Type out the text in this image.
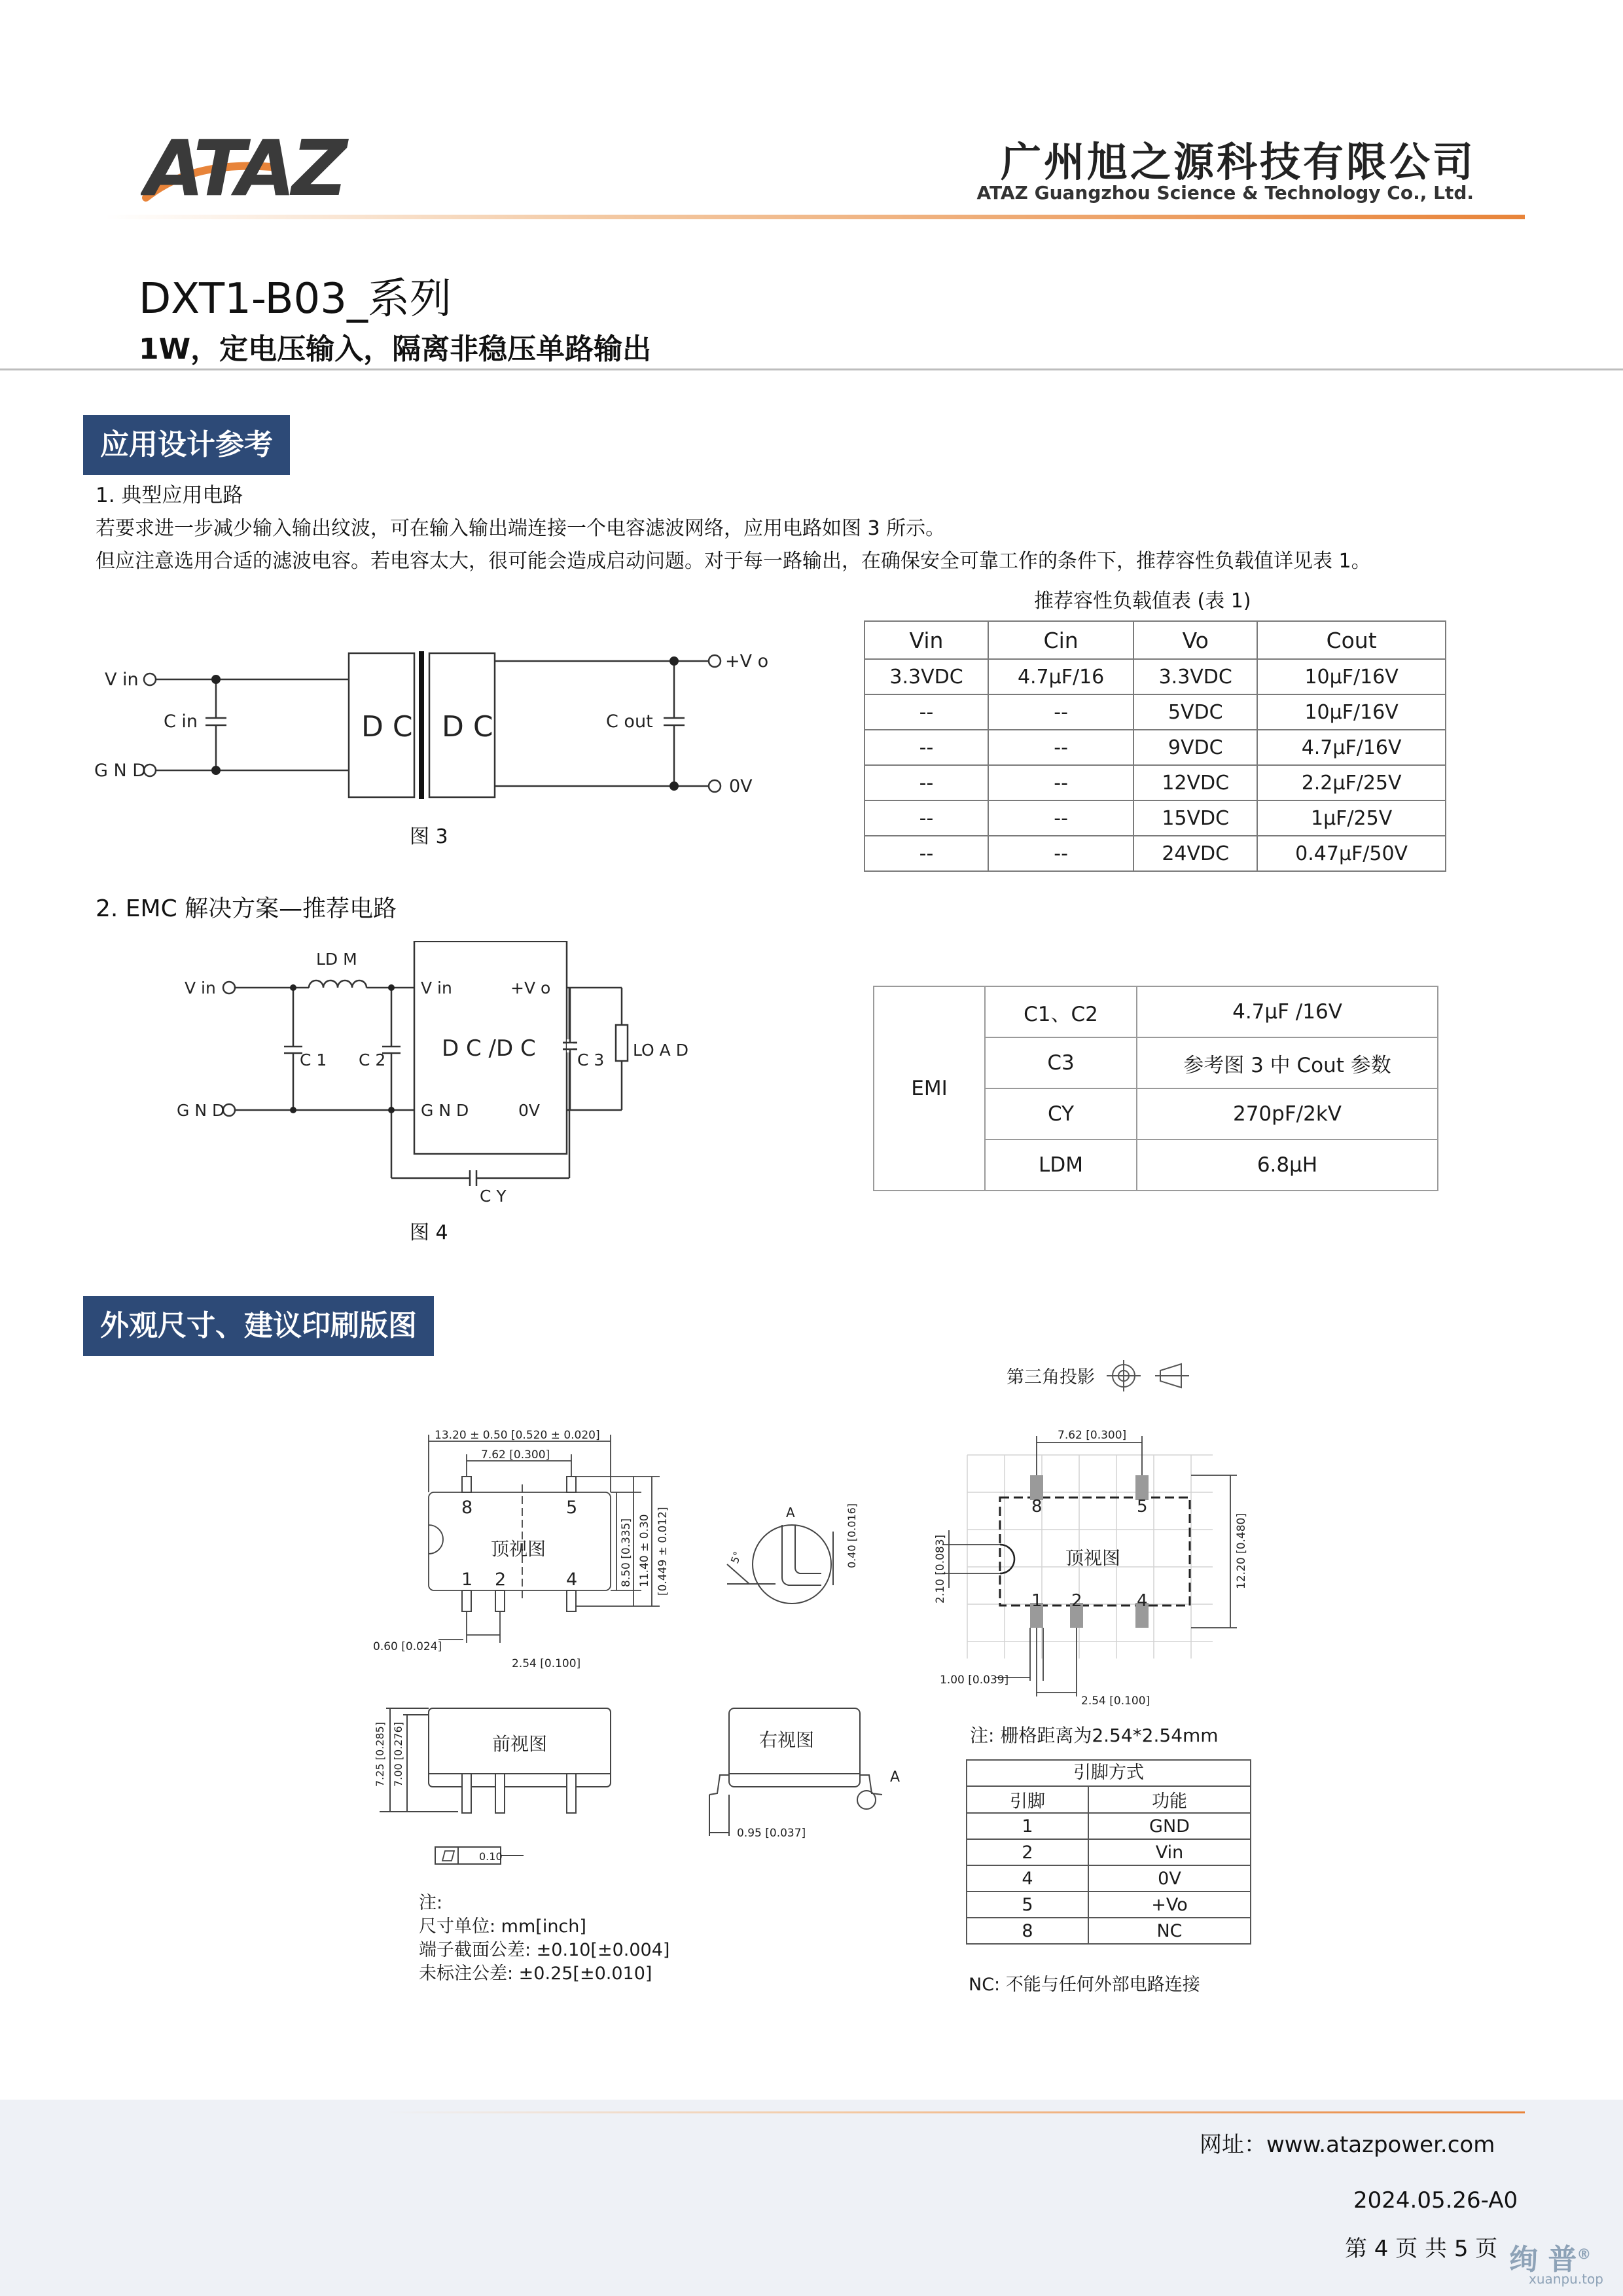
ATAZ	广州旭之源科技有限公司
ATAZ Guangzhou Science & Technology Co., Ltd.
DXT1-B03_系列
1W，定电压输入，隔离非稳压单路输出
应用设计参考
1. 典型应用电路
若要求进一步减少输入输出纹波，可在输入输出端连接一个电容滤波网络，应用电路如图 3 所示。
但应注意选用合适的滤波电容。若电容太大，很可能会造成启动问题。对于每一路输出，在确保安全可靠工作的条件下，推荐容性负载值详见表 1。
V in
G N D
C in	D C D C	C out
+V o
0V
图 3
推荐容性负载值表 (表 1)
Vin	Cin	Vo	Cout
3.3VDC	4.7μF/16	3.3VDC	10μF/16V
--	--	5VDC	10μF/16V
--	--	9VDC	4.7μF/16V
--	--	12VDC	2.2μF/25V
--	--	15VDC	1μF/25V
--	--	24VDC	0.47μF/50V
2. EMC 解决方案—推荐电路
V in
G N D
LD M
C 1 C 2
V in	+V o
D C /D C
G N D	0V
C 3
LO A D
C Y
图 4
EMI	C1、C2	4.7μF /16V
	C3	参考图 3 中 Cout 参数
	CY	270pF/2kV
	LDM	6.8μH
外观尺寸、建议印刷版图
第三角投影
13.20 ± 0.50 [0.520 ± 0.020]
7.62 [0.300]
8.50 [0.335] 11.40 ± 0.30 [0.449 ± 0.012]
0.60 [0.024]
2.54 [0.100]
8	5
1 2	4
顶视图
A
5°	0.40 [0.016]
7.25 [0.285] 7.00 [0.276]
0.10
前视图
A
0.95 [0.037]
右视图
注:
尺寸单位: mm[inch]
端子截面公差: ±0.10[±0.004]
未标注公差: ±0.25[±0.010]
7.62 [0.300]
12.20 [0.480]
2.10 [0.083]
1.00 [0.039]
2.54 [0.100]
8	5
1 2	4
顶视图
注: 栅格距离为2.54*2.54mm
引脚方式
引脚	功能
1	GND
2	Vin
4	0V
5	+Vo
8	NC
NC: 不能与任何外部电路连接
网址：www.atazpower.com
2024.05.26-A0
第 4 页 共 5 页 绚 普®
xuanpu.top
